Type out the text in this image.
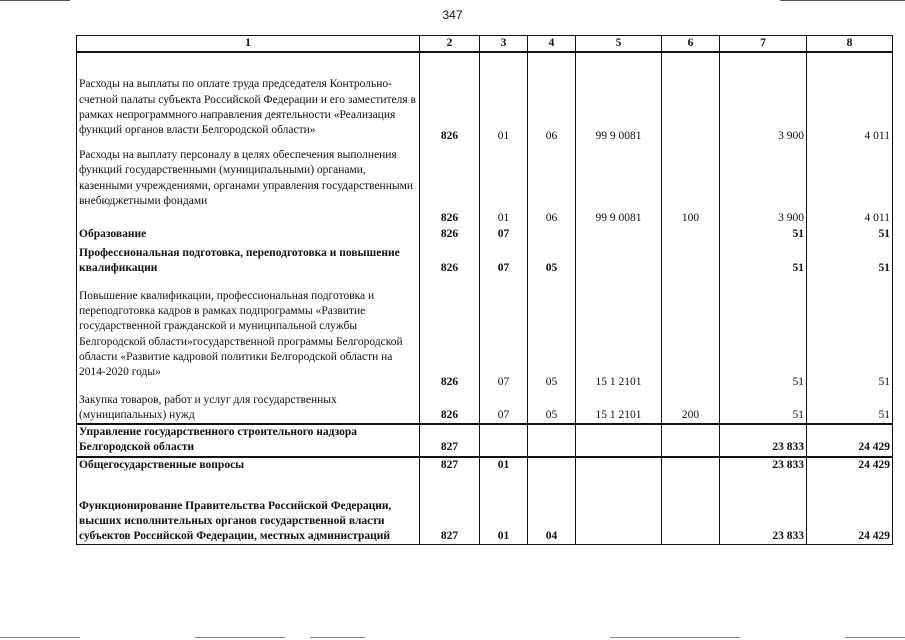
347
1	2	3	4	5	6	7	8
Расходы на выплаты по оплате труда председателя Контрольно-счетной палаты субъекта Российской Федерации и его заместителя в рамках непрограммного направления деятельности «Реализация функций органов власти Белгородской области»	826	01	06	99 9 0081		3 900	4 011
Расходы на выплату персоналу в целях обеспечения выполнения функций государственными (муниципальными) органами, казенными учреждениями, органами управления государственными внебюджетными фондами	826	01	06	99 9 0081	100	3 900	4 011
Образование	826	07				51	51
Профессиональная подготовка, переподготовка и повышение квалификации	826	07	05			51	51
Повышение квалификации, профессиональная подготовка и переподготовка кадров в рамках подпрограммы «Развитие государственной гражданской и муниципальной службы Белгородской области»государственной программы Белгородской области «Развитие кадровой политики Белгородской области на 2014-2020 годы»	826	07	05	15 1 2101		51	51
Закупка товаров, работ и услуг для государственных (муниципальных) нужд	826	07	05	15 1 2101	200	51	51
Управление государственного строительного надзора Белгородской области	827					23 833	24 429
Общегосударственные вопросы	827	01				23 833	24 429
Функционирование Правительства Российской Федерации, высших исполнительных органов государственной власти субъектов Российской Федерации, местных администраций	827	01	04			23 833	24 429
